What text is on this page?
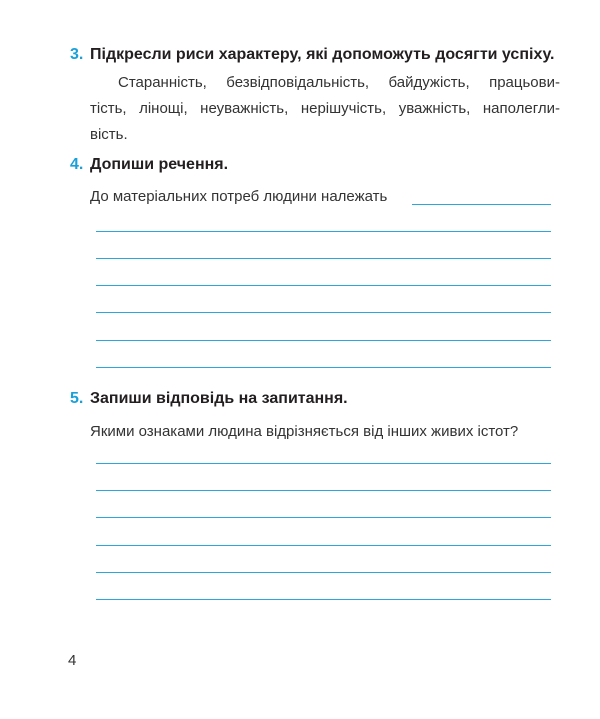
3. Підкресли риси характеру, які допоможуть досягти успіху.
Старанність, безвідповідальність, байдужість, працьови-
тість, лінощі, неуважність, нерішучість, уважність, наполегли-
вість.
4. Допиши речення.
До матеріальних потреб людини належать
5. Запиши відповідь на запитання.
Якими ознаками людина відрізняється від інших живих істот?
4
